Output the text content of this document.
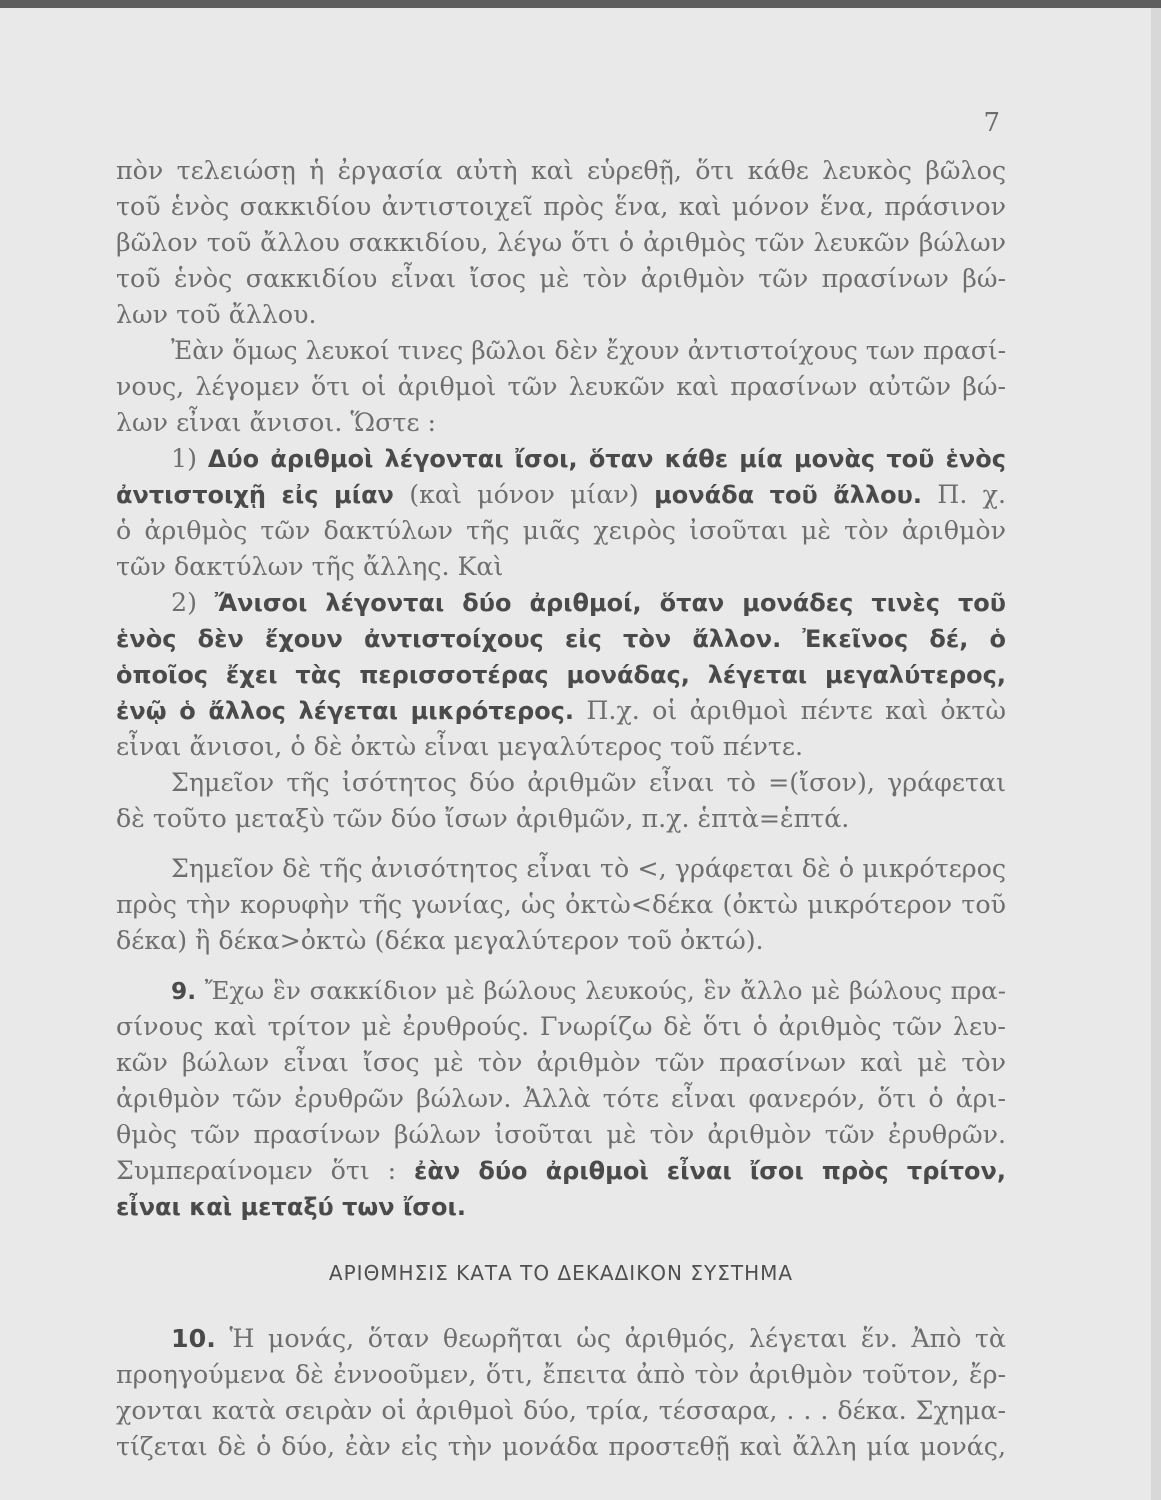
7
πὸν τελειώσῃ ἡ ἐργασία αὐτὴ καὶ εὑρεθῇ, ὅτι κάθε λευκὸς βῶλος
τοῦ ἑνὸς σακκιδίου ἀντιστοιχεῖ πρὸς ἕνα, καὶ μόνον ἕνα, πράσινον
βῶλον τοῦ ἄλλου σακκιδίου, λέγω ὅτι ὁ ἀριθμὸς τῶν λευκῶν βώλων
τοῦ ἑνὸς σακκιδίου εἶναι ἴσος μὲ τὸν ἀριθμὸν τῶν πρασίνων βώ-
λων τοῦ ἄλλου.
Ἐὰν ὅμως λευκοί τινες βῶλοι δὲν ἔχουν ἀντιστοίχους των πρασί-
νους, λέγομεν ὅτι οἱ ἀριθμοὶ τῶν λευκῶν καὶ πρασίνων αὐτῶν βώ-
λων εἶναι ἄνισοι. Ὥστε :
1) Δύο ἀριθμοὶ λέγονται ἴσοι, ὅταν κάθε μία μονὰς τοῦ ἑνὸς
ἀντιστοιχῇ εἰς μίαν (καὶ μόνον μίαν) μονάδα τοῦ ἄλλου. Π. χ.
ὁ ἀριθμὸς τῶν δακτύλων τῆς μιᾶς χειρὸς ἰσοῦται μὲ τὸν ἀριθμὸν
τῶν δακτύλων τῆς ἄλλης. Καὶ
2) Ἄνισοι λέγονται δύο ἀριθμοί, ὅταν μονάδες τινὲς τοῦ
ἑνὸς δὲν ἔχουν ἀντιστοίχους εἰς τὸν ἄλλον. Ἐκεῖνος δέ, ὁ
ὁποῖος ἔχει τὰς περισσοτέρας μονάδας, λέγεται μεγαλύτερος,
ἐνῷ ὁ ἄλλος λέγεται μικρότερος. Π.χ. οἱ ἀριθμοὶ πέντε καὶ ὀκτὼ
εἶναι ἄνισοι, ὁ δὲ ὀκτὼ εἶναι μεγαλύτερος τοῦ πέντε.
Σημεῖον τῆς ἰσότητος δύο ἀριθμῶν εἶναι τὸ =(ἴσον), γράφεται
δὲ τοῦτο μεταξὺ τῶν δύο ἴσων ἀριθμῶν, π.χ. ἑπτὰ=ἑπτά.
Σημεῖον δὲ τῆς ἀνισότητος εἶναι τὸ <, γράφεται δὲ ὁ μικρότερος
πρὸς τὴν κορυφὴν τῆς γωνίας, ὡς ὀκτὼ<δέκα (ὀκτὼ μικρότερον τοῦ
δέκα) ἢ δέκα>ὀκτὼ (δέκα μεγαλύτερον τοῦ ὀκτώ).
9. Ἔχω ἓν σακκίδιον μὲ βώλους λευκούς, ἓν ἄλλο μὲ βώλους πρα-
σίνους καὶ τρίτον μὲ ἐρυθρούς. Γνωρίζω δὲ ὅτι ὁ ἀριθμὸς τῶν λευ-
κῶν βώλων εἶναι ἴσος μὲ τὸν ἀριθμὸν τῶν πρασίνων καὶ μὲ τὸν
ἀριθμὸν τῶν ἐρυθρῶν βώλων. Ἀλλὰ τότε εἶναι φανερόν, ὅτι ὁ ἀρι-
θμὸς τῶν πρασίνων βώλων ἰσοῦται μὲ τὸν ἀριθμὸν τῶν ἐρυθρῶν.
Συμπεραίνομεν ὅτι : ἐὰν δύο ἀριθμοὶ εἶναι ἴσοι πρὸς τρίτον,
εἶναι καὶ μεταξύ των ἴσοι.
ΑΡΙΘΜΗΣΙΣ ΚΑΤΑ ΤΟ ΔΕΚΑΔΙΚΟΝ ΣΥΣΤΗΜΑ
10. Ἡ μονάς, ὅταν θεωρῆται ὡς ἀριθμός, λέγεται ἕν. Ἀπὸ τὰ
προηγούμενα δὲ ἐννοοῦμεν, ὅτι, ἔπειτα ἀπὸ τὸν ἀριθμὸν τοῦτον, ἔρ-
χονται κατὰ σειρὰν οἱ ἀριθμοὶ δύο, τρία, τέσσαρα, . . . δέκα. Σχημα-
τίζεται δὲ ὁ δύο, ἐὰν εἰς τὴν μονάδα προστεθῇ καὶ ἄλλη μία μονάς,
